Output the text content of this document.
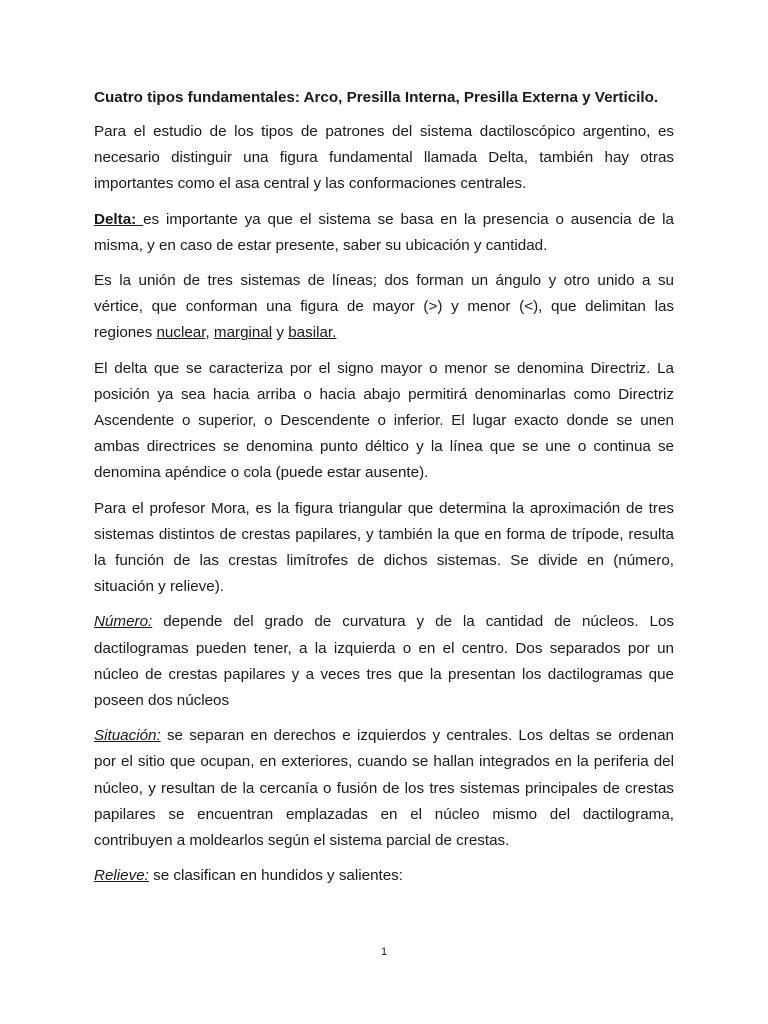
Cuatro tipos fundamentales: Arco, Presilla Interna, Presilla Externa y Verticilo.

Para el estudio de los tipos de patrones del sistema dactiloscópico argentino, es necesario distinguir una figura fundamental llamada Delta, también hay otras importantes como el asa central y las conformaciones centrales.

Delta: es importante ya que el sistema se basa en la presencia o ausencia de la misma, y en caso de estar presente, saber su ubicación y cantidad.

Es la unión de tres sistemas de líneas; dos forman un ángulo y otro unido a su vértice, que conforman una figura de mayor (>) y menor (<), que delimitan las regiones nuclear, marginal y basilar.

El delta que se caracteriza por el signo mayor o menor se denomina Directriz. La posición ya sea hacia arriba o hacia abajo permitirá denominarlas como Directriz Ascendente o superior, o Descendente o inferior. El lugar exacto donde se unen ambas directrices se denomina punto déltico y la línea que se une o continua se denomina apéndice o cola (puede estar ausente).

Para el profesor Mora, es la figura triangular que determina la aproximación de tres sistemas distintos de crestas papilares, y también la que en forma de trípode, resulta la función de las crestas limítrofes de dichos sistemas. Se divide en (número, situación y relieve).

Número: depende del grado de curvatura y de la cantidad de núcleos. Los dactilogramas pueden tener, a la izquierda o en el centro. Dos separados por un núcleo de crestas papilares y a veces tres que la presentan los dactilogramas que poseen dos núcleos

Situación: se separan en derechos e izquierdos y centrales. Los deltas se ordenan por el sitio que ocupan, en exteriores, cuando se hallan integrados en la periferia del núcleo, y resultan de la cercanía o fusión de los tres sistemas principales de crestas papilares se encuentran emplazadas en el núcleo mismo del dactilograma, contribuyen a moldearlos según el sistema parcial de crestas.

Relieve: se clasifican en hundidos y salientes:

1
